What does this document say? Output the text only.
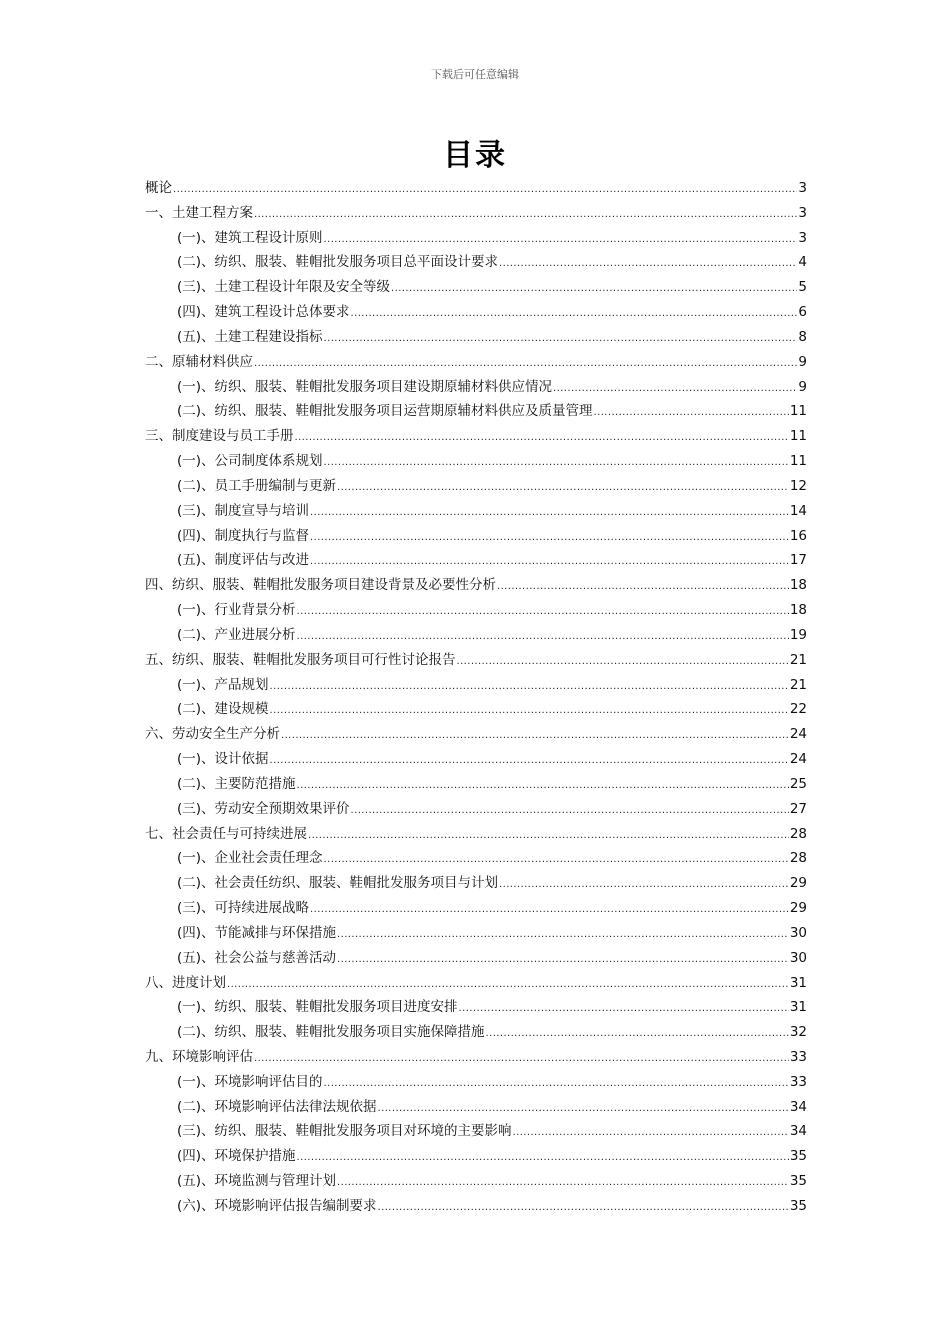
下载后可任意编辑
目录
概论 .....	3
一、土建工程方案 .....	3
(一)、建筑工程设计原则 .....	3
(二)、纺织、服装、鞋帽批发服务项目总平面设计要求 .....	4
(三)、土建工程设计年限及安全等级 .....	5
(四)、建筑工程设计总体要求 .....	6
(五)、土建工程建设指标 .....	8
二、原辅材料供应 .....	9
(一)、纺织、服装、鞋帽批发服务项目建设期原辅材料供应情况 .....	9
(二)、纺织、服装、鞋帽批发服务项目运营期原辅材料供应及质量管理 .....	11
三、制度建设与员工手册 .....	11
(一)、公司制度体系规划 .....	11
(二)、员工手册编制与更新 .....	12
(三)、制度宣导与培训 .....	14
(四)、制度执行与监督 .....	16
(五)、制度评估与改进 .....	17
四、纺织、服装、鞋帽批发服务项目建设背景及必要性分析 .....	18
(一)、行业背景分析 .....	18
(二)、产业进展分析 .....	19
五、纺织、服装、鞋帽批发服务项目可行性讨论报告 .....	21
(一)、产品规划 .....	21
(二)、建设规模 .....	22
六、劳动安全生产分析 .....	24
(一)、设计依据 .....	24
(二)、主要防范措施 .....	25
(三)、劳动安全预期效果评价 .....	27
七、社会责任与可持续进展 .....	28
(一)、企业社会责任理念 .....	28
(二)、社会责任纺织、服装、鞋帽批发服务项目与计划 .....	29
(三)、可持续进展战略 .....	29
(四)、节能减排与环保措施 .....	30
(五)、社会公益与慈善活动 .....	30
八、进度计划 .....	31
(一)、纺织、服装、鞋帽批发服务项目进度安排 .....	31
(二)、纺织、服装、鞋帽批发服务项目实施保障措施 .....	32
九、环境影响评估 .....	33
(一)、环境影响评估目的 .....	33
(二)、环境影响评估法律法规依据 .....	34
(三)、纺织、服装、鞋帽批发服务项目对环境的主要影响 .....	34
(四)、环境保护措施 .....	35
(五)、环境监测与管理计划 .....	35
(六)、环境影响评估报告编制要求 .....	35
